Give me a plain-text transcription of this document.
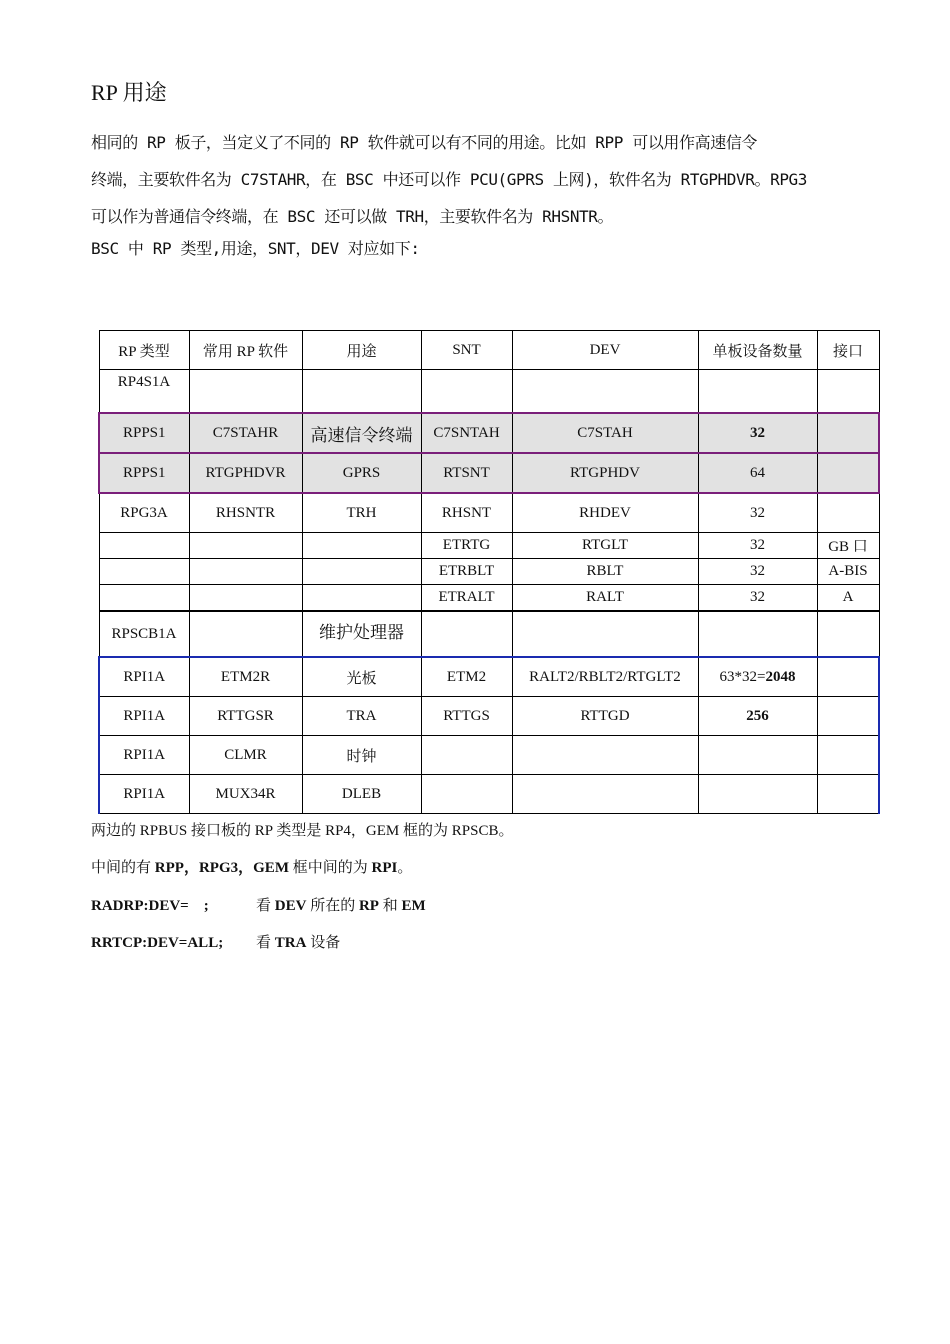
RP 用途

相同的 RP 板子，当定义了不同的 RP 软件就可以有不同的用途。比如 RPP 可以用作高速信令

终端，主要软件名为 C7STAHR，在 BSC 中还可以作 PCU(GPRS 上网)，软件名为 RTGPHDVR。RPG3

可以作为普通信令终端，在 BSC 还可以做 TRH，主要软件名为 RHSNTR。

BSC 中 RP 类型,用途，SNT，DEV 对应如下:
RP 类型	常用 RP 软件	用途	SNT	DEV	单板设备数量	接口
RP4S1A						
RPPS1	C7STAHR	高速信令终端	C7SNTAH	C7STAH	32	
RPPS1	RTGPHDVR	GPRS	RTSNT	RTGPHDV	64	
RPG3A	RHSNTR	TRH	RHSNT	RHDEV	32	
			ETRTG	RTGLT	32	GB 口
			ETRBLT	RBLT	32	A-BIS
			ETRALT	RALT	32	A
RPSCB1A		维护处理器				
RPI1A	ETM2R	光板	ETM2	RALT2/RBLT2/RTGLT2	63*32=2048	
RPI1A	RTTGSR	TRA	RTTGS	RTTGD	256	
RPI1A	CLMR	时钟				
RPI1A	MUX34R	DLEB				
两边的 RPBUS 接口板的 RP 类型是 RP4，GEM 框的为 RPSCB。
中间的有 RPP，RPG3，GEM 框中间的为 RPI。
RADRP:DEV=　;	看 DEV 所在的 RP 和 EM
RRTCP:DEV=ALL; 看 TRA 设备
